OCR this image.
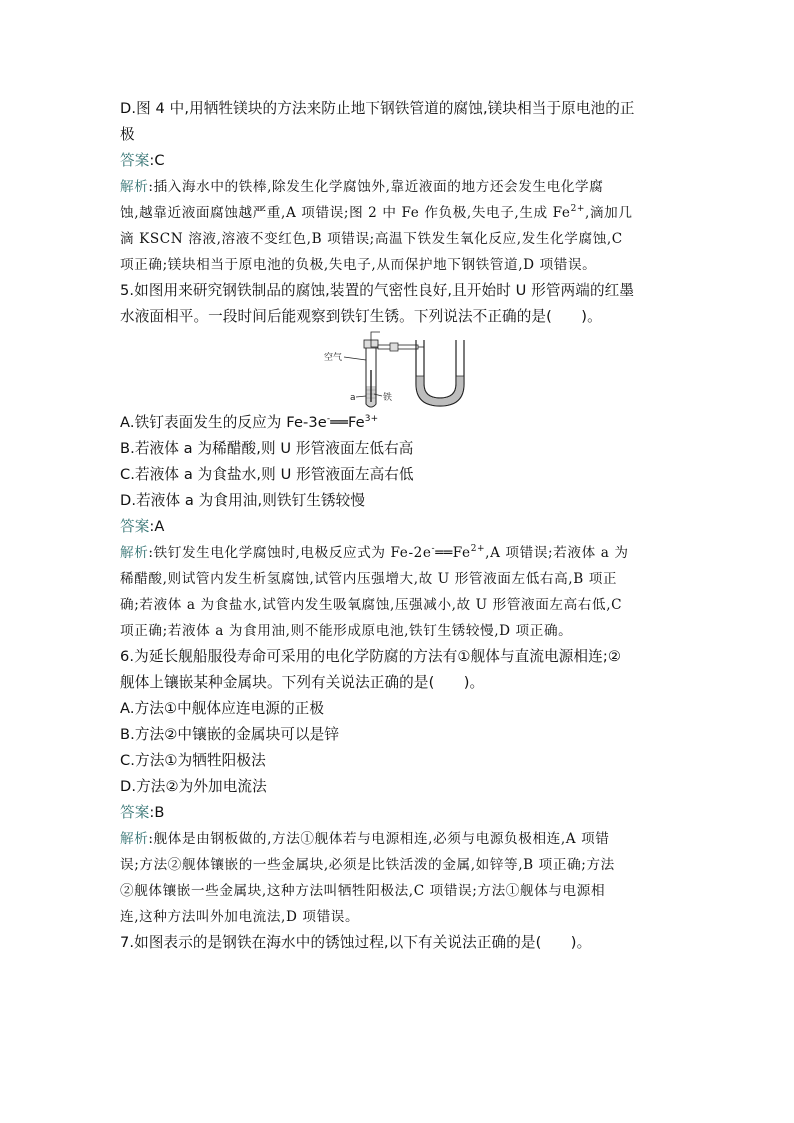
D.图 4 中,用牺牲镁块的方法来防止地下钢铁管道的腐蚀,镁块相当于原电池的正
极
答案:C
解析:插入海水中的铁棒,除发生化学腐蚀外,靠近液面的地方还会发生电化学腐
蚀,越靠近液面腐蚀越严重,A 项错误;图 2 中 Fe 作负极,失电子,生成 $Fe^{2+}$,滴加几
滴 KSCN 溶液,溶液不变红色,B 项错误;高温下铁发生氧化反应,发生化学腐蚀,C
项正确;镁块相当于原电池的负极,失电子,从而保护地下钢铁管道,D 项错误。
5.如图用来研究钢铁制品的腐蚀,装置的气密性良好,且开始时 U 形管两端的红墨
水液面相平。一段时间后能观察到铁钉生锈。下列说法不正确的是(　　)。
空气
a	铁
A.铁钉表面发生的反应为 $Fe-3e^-══Fe^{3+}$
B.若液体 a 为稀醋酸,则 U 形管液面左低右高
C.若液体 a 为食盐水,则 U 形管液面左高右低
D.若液体 a 为食用油,则铁钉生锈较慢
答案:A
解析:铁钉发生电化学腐蚀时,电极反应式为 $Fe-2e^-══Fe^{2+},A$ 项错误;若液体 a 为
稀醋酸,则试管内发生析氢腐蚀,试管内压强增大,故 U 形管液面左低右高,B 项正
确;若液体 a 为食盐水,试管内发生吸氧腐蚀,压强减小,故 U 形管液面左高右低,C
项正确;若液体 a 为食用油,则不能形成原电池,铁钉生锈较慢,D 项正确。
6.为延长舰船服役寿命可采用的电化学防腐的方法有①舰体与直流电源相连;②
舰体上镶嵌某种金属块。下列有关说法正确的是(　　)。
A.方法①中舰体应连电源的正极
B.方法②中镶嵌的金属块可以是锌
C.方法①为牺牲阳极法
D.方法②为外加电流法
答案:B
解析:舰体是由钢板做的,方法①舰体若与电源相连,必须与电源负极相连,A 项错
误;方法②舰体镶嵌的一些金属块,必须是比铁活泼的金属,如锌等,B 项正确;方法
②舰体镶嵌一些金属块,这种方法叫牺牲阳极法,C 项错误;方法①舰体与电源相
连,这种方法叫外加电流法,D 项错误。
7.如图表示的是钢铁在海水中的锈蚀过程,以下有关说法正确的是(　　)。
